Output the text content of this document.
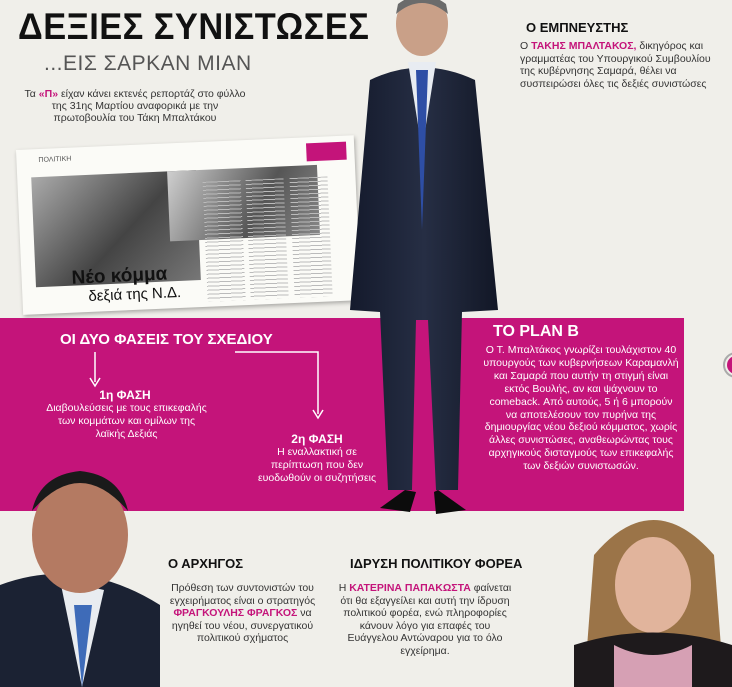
ΔΕΞΙΕΣ ΣΥΝΙΣΤΩΣΕΣ
...ΕΙΣ ΣΑΡΚΑΝ ΜΙΑΝ
Τα «Π» είχαν κάνει εκτενές ρεπορτάζ στο φύλλο της 31ης Μαρτίου αναφορικά με την πρωτοβουλία του Τάκη Μπαλτάκου
ΠΟΛΙΤΙΚΗ
Νέο κόμμα
δεξιά της Ν.Δ.
ΟΙ ΔΥΟ ΦΑΣΕΙΣ ΤΟΥ ΣΧΕΔΙΟΥ
1η ΦΑΣΗ
Διαβουλεύσεις με τους επικεφαλής των κομμάτων και ομίλων της λαϊκής Δεξιάς	2η ΦΑΣΗ
Η εναλλακτική σε περίπτωση που δεν ευοδωθούν οι συζητήσεις
Ο ΕΜΠΝΕΥΣΤΗΣ
Ο ΤΑΚΗΣ ΜΠΑΛΤΑΚΟΣ, δικηγόρος και γραμματέας του Υπουργικού Συμβουλίου της κυβέρνησης Σαμαρά, θέλει να συσπειρώσει όλες τις δεξιές συνιστώσες
ΤΟ PLAN B
Ο Τ. Μπαλτάκος γνωρίζει τουλάχιστον 40 υπουργούς των κυβερνήσεων Καραμανλή και Σαμαρά που αυτήν τη στιγμή είναι εκτός Βουλής, αν και ψάχνουν το comeback. Από αυτούς, 5 ή 6 μπορούν να αποτελέσουν τον πυρήνα της δημιουργίας νέου δεξιού κόμματος, χωρίς άλλες συνιστώσες, αναθεωρώντας τους αρχηγικούς δισταγμούς των επικεφαλής των δεξιών συνιστωσών.
Ο ΑΡΧΗΓΟΣ
Πρόθεση των συντονιστών του εγχειρήματος είναι ο στρατηγός ΦΡΑΓΚΟΥΛΗΣ ΦΡΑΓΚΟΣ να ηγηθεί του νέου, συνεργατικού πολιτικού σχήματος
ΙΔΡΥΣΗ ΠΟΛΙΤΙΚΟΥ ΦΟΡΕΑ
Η ΚΑΤΕΡΙΝΑ ΠΑΠΑΚΩΣΤΑ φαίνεται ότι θα εξαγγείλει και αυτή την ίδρυση πολιτικού φορέα, ενώ πληροφορίες κάνουν λόγο για επαφές του Ευάγγελου Αντώναρου για το όλο εγχείρημα.
